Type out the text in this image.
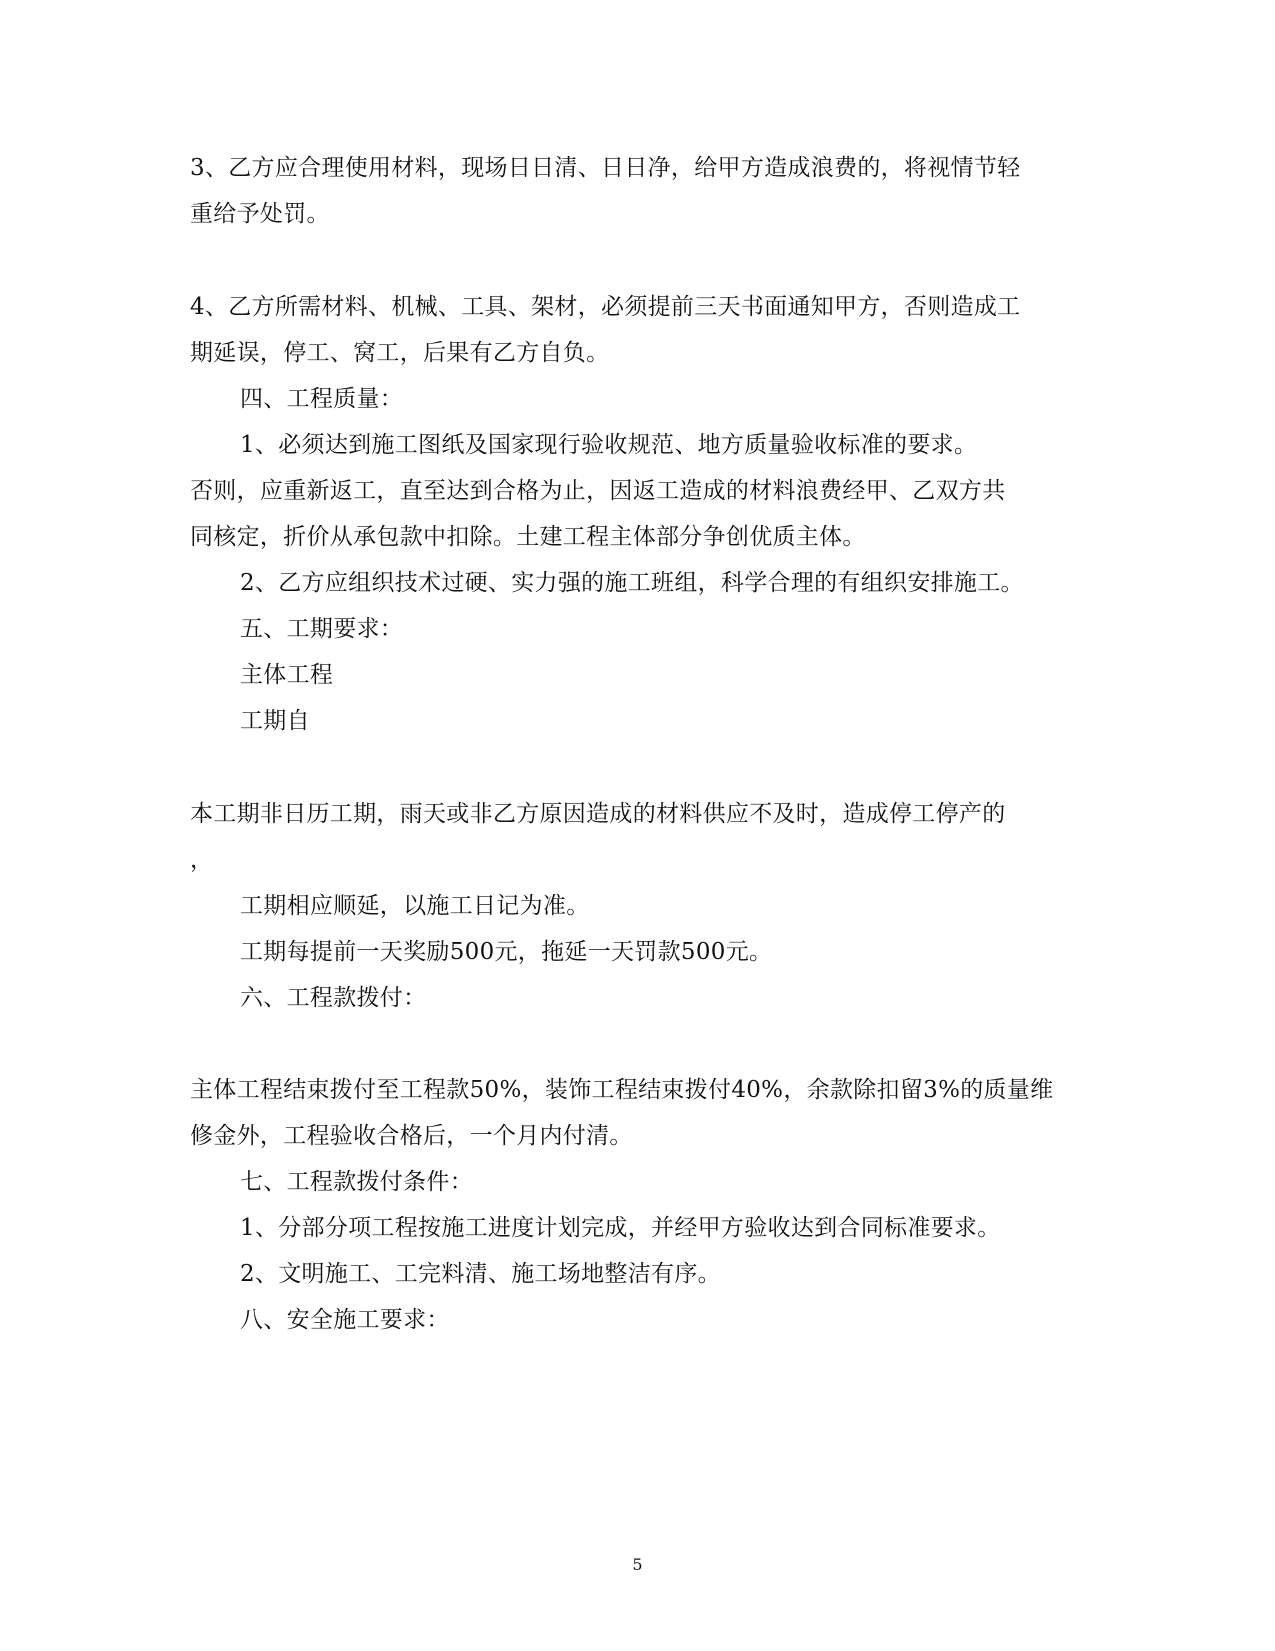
3、乙方应合理使用材料，现场日日清、日日净，给甲方造成浪费的，将视情节轻
重给予处罚。
4、乙方所需材料、机械、工具、架材，必须提前三天书面通知甲方，否则造成工
期延误，停工、窝工，后果有乙方自负。
四、工程质量：
1、必须达到施工图纸及国家现行验收规范、地方质量验收标准的要求。
否则，应重新返工，直至达到合格为止，因返工造成的材料浪费经甲、乙双方共
同核定，折价从承包款中扣除。土建工程主体部分争创优质主体。
2、乙方应组织技术过硬、实力强的施工班组，科学合理的有组织安排施工。
五、工期要求：
主体工程
工期自
本工期非日历工期，雨天或非乙方原因造成的材料供应不及时，造成停工停产的
，
工期相应顺延，以施工日记为准。
工期每提前一天奖励500元，拖延一天罚款500元。
六、工程款拨付：
主体工程结束拨付至工程款50%，装饰工程结束拨付40%，余款除扣留3%的质量维
修金外，工程验收合格后，一个月内付清。
七、工程款拨付条件：
1、分部分项工程按施工进度计划完成，并经甲方验收达到合同标准要求。
2、文明施工、工完料清、施工场地整洁有序。
八、安全施工要求：
5
